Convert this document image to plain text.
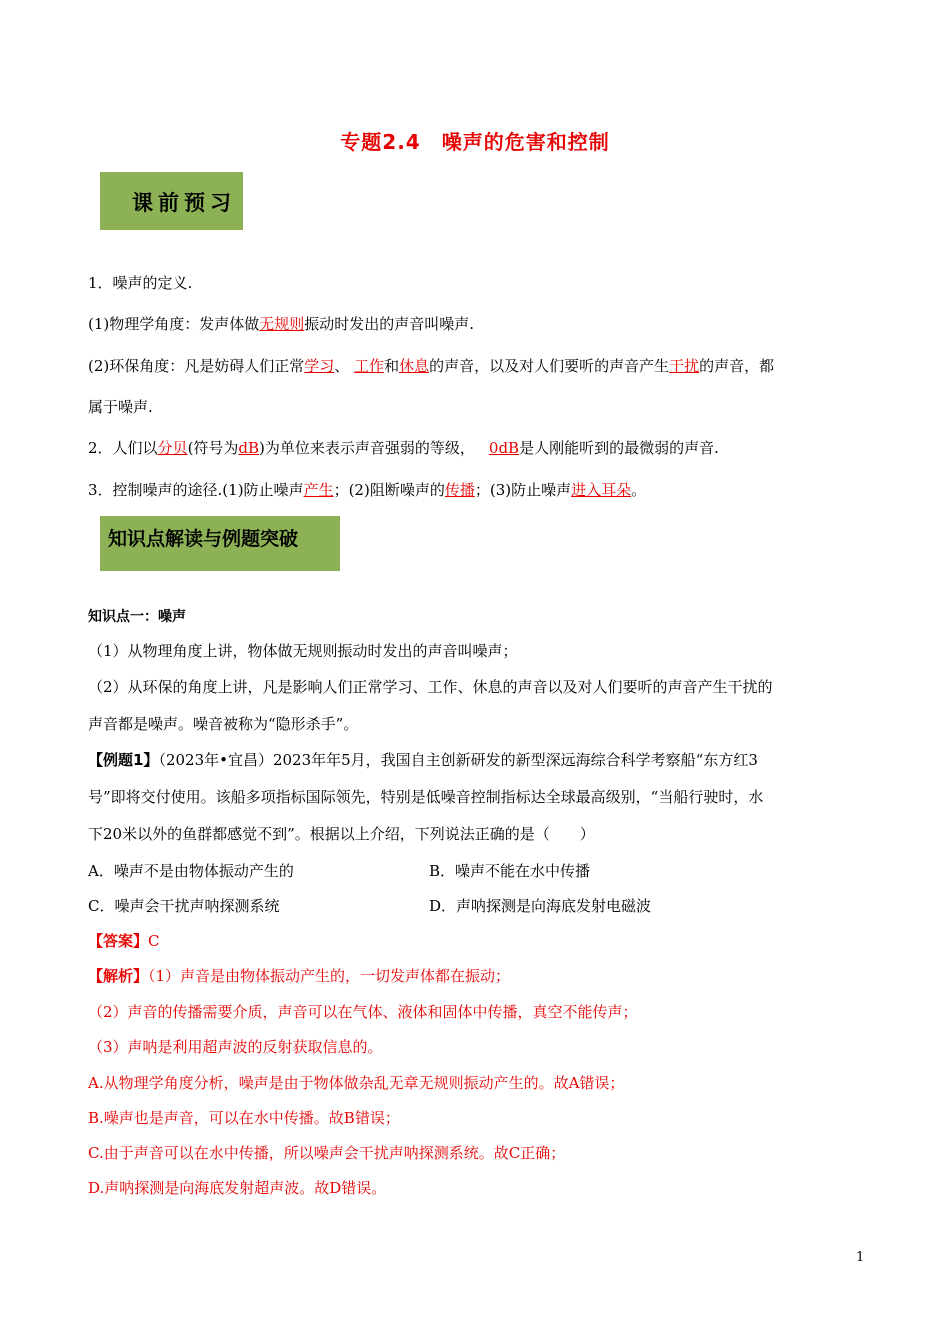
专题2.4　噪声的危害和控制
课前预习
1．噪声的定义.
(1)物理学角度：发声体做无规则振动时发出的声音叫噪声.
(2)环保角度：凡是妨碍人们正常学习、 工作和休息的声音，以及对人们要听的声音产生干扰的声音，都
属于噪声.
2．人们以分贝(符号为dB)为单位来表示声音强弱的等级， 0dB是人刚能听到的最微弱的声音.
3．控制噪声的途径.(1)防止噪声产生；(2)阻断噪声的传播；(3)防止噪声进入耳朵。
知识点解读与例题突破
知识点一：噪声
（1）从物理角度上讲，物体做无规则振动时发出的声音叫噪声；
（2）从环保的角度上讲，凡是影响人们正常学习、工作、休息的声音以及对人们要听的声音产生干扰的
声音都是噪声。噪音被称为“隐形杀手”。
【例题1】（2023年•宜昌）2023年年5月，我国自主创新研发的新型深远海综合科学考察船“东方红3
号”即将交付使用。该船多项指标国际领先，特别是低噪音控制指标达全球最高级别，“当船行驶时，水
下20米以外的鱼群都感觉不到”。根据以上介绍，下列说法正确的是（　　）
A．噪声不是由物体振动产生的	B．噪声不能在水中传播
C．噪声会干扰声呐探测系统	D．声呐探测是向海底发射电磁波
【答案】C
【解析】（1）声音是由物体振动产生的，一切发声体都在振动；
（2）声音的传播需要介质，声音可以在气体、液体和固体中传播，真空不能传声；
（3）声呐是利用超声波的反射获取信息的。
A.从物理学角度分析，噪声是由于物体做杂乱无章无规则振动产生的。故A错误；
B.噪声也是声音，可以在水中传播。故B错误；
C.由于声音可以在水中传播，所以噪声会干扰声呐探测系统。故C正确；
D.声呐探测是向海底发射超声波。故D错误。
1
